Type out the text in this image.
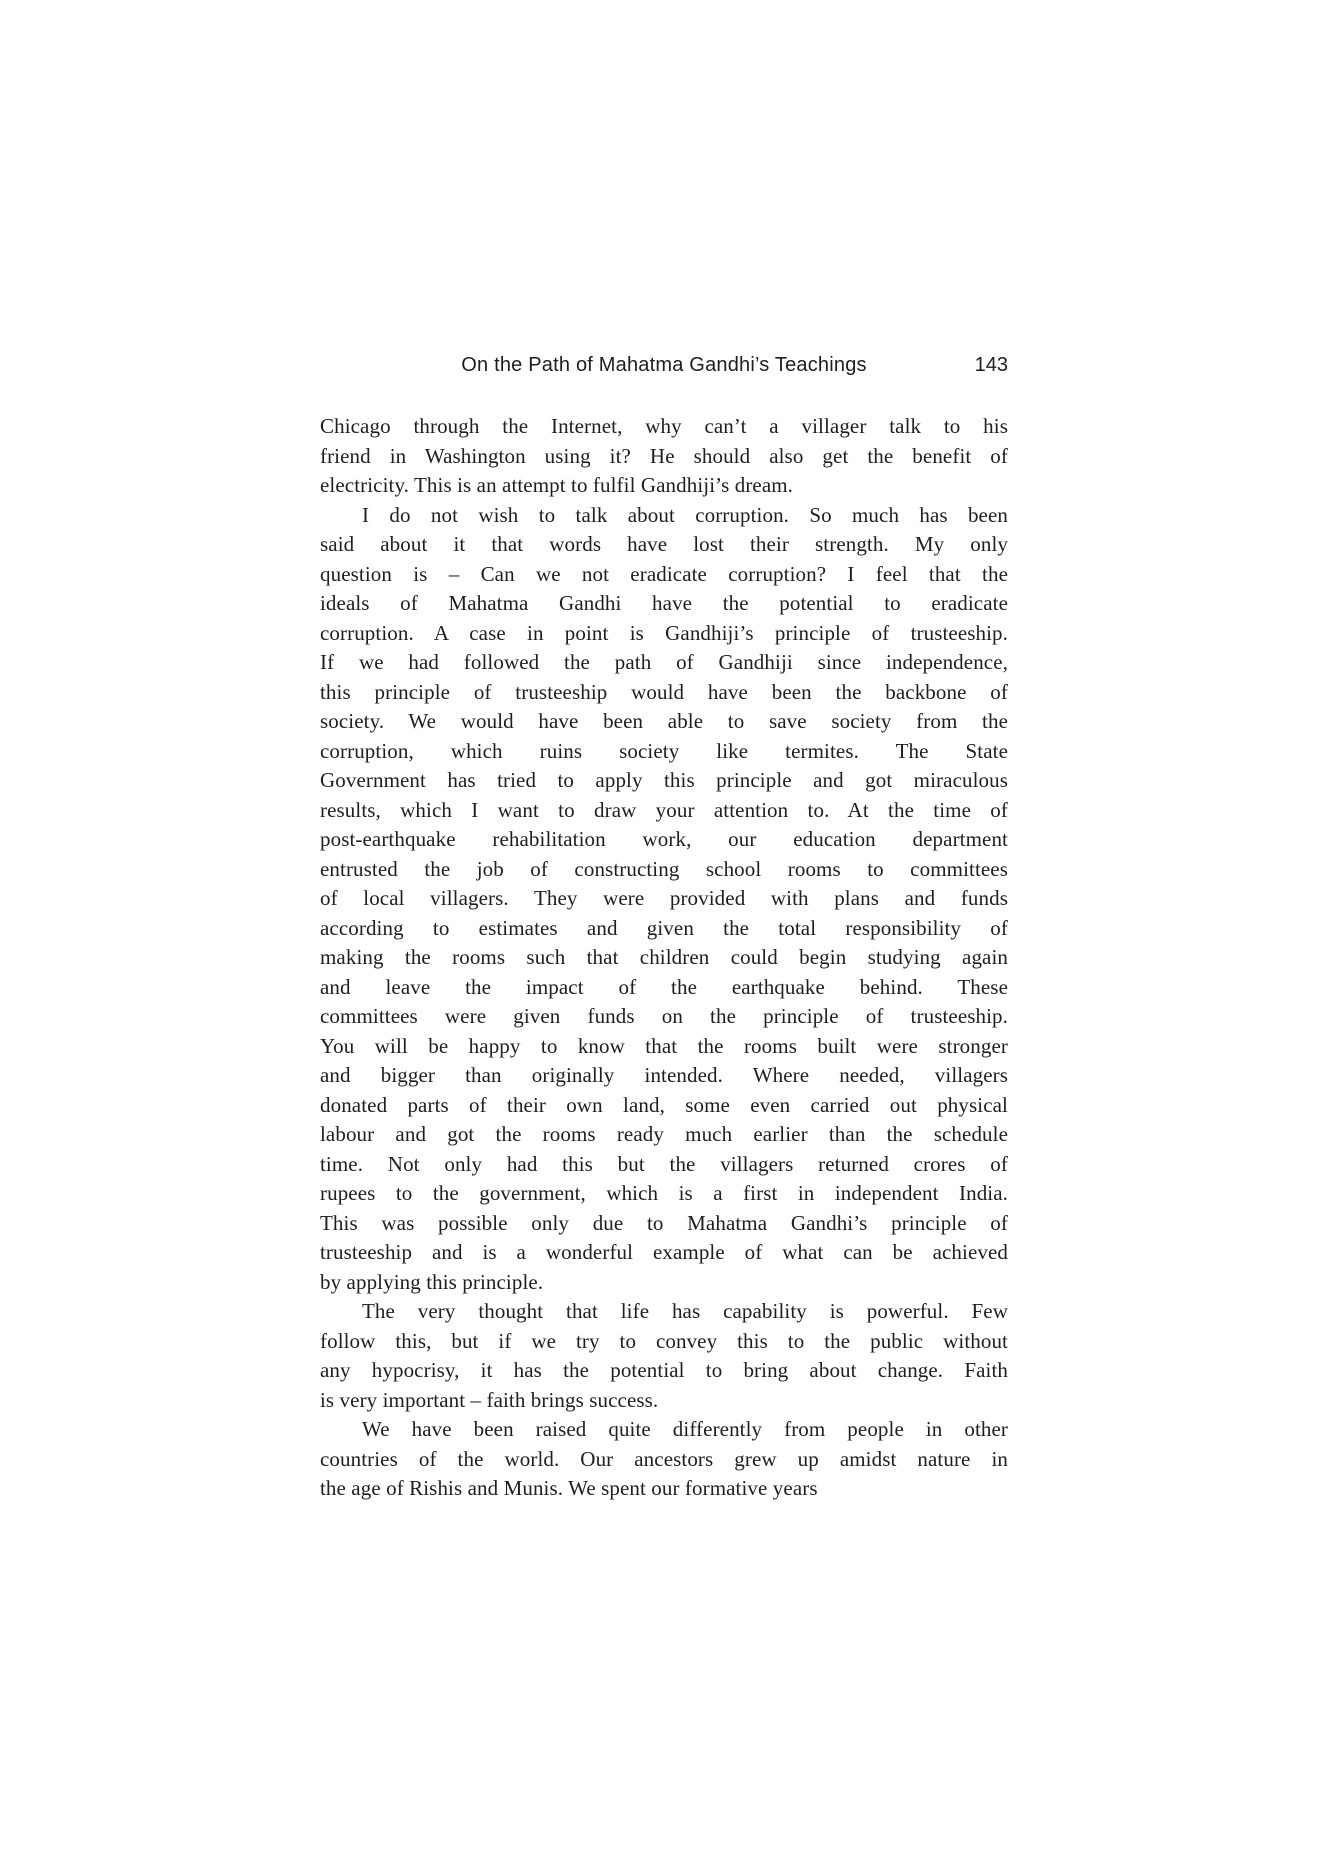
On the Path of Mahatma Gandhi’s Teachings	143
Chicago through the Internet, why can’t a villager talk to his
friend in Washington using it? He should also get the benefit of
electricity. This is an attempt to fulfil Gandhiji’s dream.
I do not wish to talk about corruption. So much has been
said about it that words have lost their strength. My only
question is – Can we not eradicate corruption? I feel that the
ideals of Mahatma Gandhi have the potential to eradicate
corruption. A case in point is Gandhiji’s principle of trusteeship.
If we had followed the path of Gandhiji since independence,
this principle of trusteeship would have been the backbone of
society. We would have been able to save society from the
corruption, which ruins society like termites. The State
Government has tried to apply this principle and got miraculous
results, which I want to draw your attention to. At the time of
post-earthquake rehabilitation work, our education department
entrusted the job of constructing school rooms to committees
of local villagers. They were provided with plans and funds
according to estimates and given the total responsibility of
making the rooms such that children could begin studying again
and leave the impact of the earthquake behind. These
committees were given funds on the principle of trusteeship.
You will be happy to know that the rooms built were stronger
and bigger than originally intended. Where needed, villagers
donated parts of their own land, some even carried out physical
labour and got the rooms ready much earlier than the schedule
time. Not only had this but the villagers returned crores of
rupees to the government, which is a first in independent India.
This was possible only due to Mahatma Gandhi’s principle of
trusteeship and is a wonderful example of what can be achieved
by applying this principle.
The very thought that life has capability is powerful. Few
follow this, but if we try to convey this to the public without
any hypocrisy, it has the potential to bring about change. Faith
is very important – faith brings success.
We have been raised quite differently from people in other
countries of the world. Our ancestors grew up amidst nature in
the age of Rishis and Munis. We spent our formative years
